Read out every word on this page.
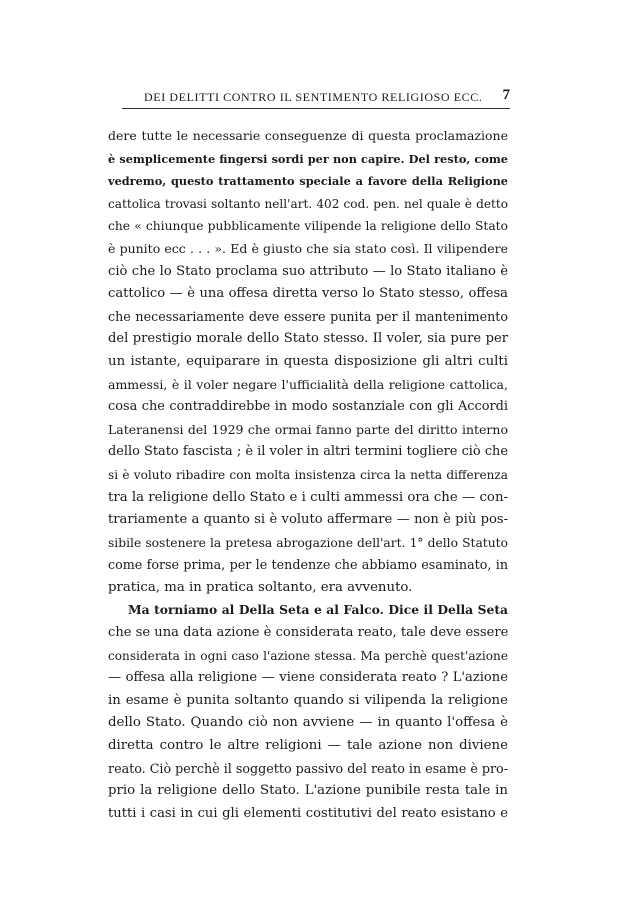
DEI DELITTI CONTRO IL SENTIMENTO RELIGIOSO ECC. 7
dere tutte le necessarie conseguenze di questa proclamazione
è semplicemente fingersi sordi per non capire. Del resto, come
vedremo, questo trattamento speciale a favore della Religione
cattolica trovasi soltanto nell'art. 402 cod. pen. nel quale è detto
che « chiunque pubblicamente vilipende la religione dello Stato
è punito ecc . . . ». Ed è giusto che sia stato così. Il vilipendere
ciò che lo Stato proclama suo attributo — lo Stato italiano è
cattolico — è una offesa diretta verso lo Stato stesso, offesa
che necessariamente deve essere punita per il mantenimento
del prestigio morale dello Stato stesso. Il voler, sia pure per
un istante, equiparare in questa disposizione gli altri culti
ammessi, è il voler negare l'ufficialità della religione cattolica,
cosa che contraddirebbe in modo sostanziale con gli Accordi
Lateranensi del 1929 che ormai fanno parte del diritto interno
dello Stato fascista ; è il voler in altri termini togliere ciò che
si è voluto ribadire con molta insistenza circa la netta differenza
tra la religione dello Stato e i culti ammessi ora che — con-
trariamente a quanto si è voluto affermare — non è più pos-
sibile sostenere la pretesa abrogazione dell'art. 1° dello Statuto
come forse prima, per le tendenze che abbiamo esaminato, in
pratica, ma in pratica soltanto, era avvenuto.
Ma torniamo al Della Seta e al Falco. Dice il Della Seta
che se una data azione è considerata reato, tale deve essere
considerata in ogni caso l'azione stessa. Ma perchè quest'azione
— offesa alla religione — viene considerata reato ? L'azione
in esame è punita soltanto quando si vilipenda la religione
dello Stato. Quando ciò non avviene — in quanto l'offesa è
diretta contro le altre religioni — tale azione non diviene
reato. Ciò perchè il soggetto passivo del reato in esame è pro-
prio la religione dello Stato. L'azione punibile resta tale in
tutti i casi in cui gli elementi costitutivi del reato esistano e
